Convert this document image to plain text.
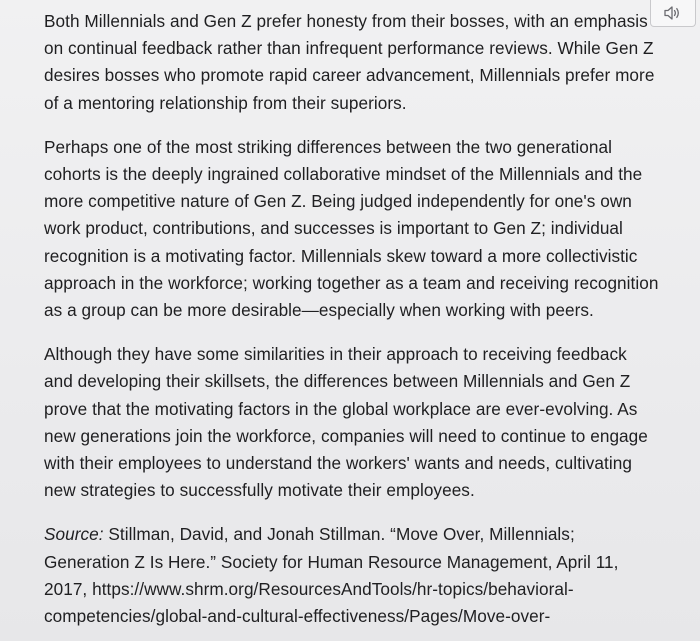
Both Millennials and Gen Z prefer honesty from their bosses, with an emphasis on continual feedback rather than infrequent performance reviews. While Gen Z desires bosses who promote rapid career advancement, Millennials prefer more of a mentoring relationship from their superiors.

Perhaps one of the most striking differences between the two generational cohorts is the deeply ingrained collaborative mindset of the Millennials and the more competitive nature of Gen Z. Being judged independently for one's own work product, contributions, and successes is important to Gen Z; individual recognition is a motivating factor. Millennials skew toward a more collectivistic approach in the workforce; working together as a team and receiving recognition as a group can be more desirable—especially when working with peers.

Although they have some similarities in their approach to receiving feedback and developing their skillsets, the differences between Millennials and Gen Z prove that the motivating factors in the global workplace are ever-evolving. As new generations join the workforce, companies will need to continue to engage with their employees to understand the workers' wants and needs, cultivating new strategies to successfully motivate their employees.

Source: Stillman, David, and Jonah Stillman. “Move Over, Millennials; Generation Z Is Here.” Society for Human Resource Management, April 11, 2017, https://www.shrm.org/ResourcesAndTools/hr-topics/behavioral-competencies/global-and-cultural-effectiveness/Pages/Move-over-
